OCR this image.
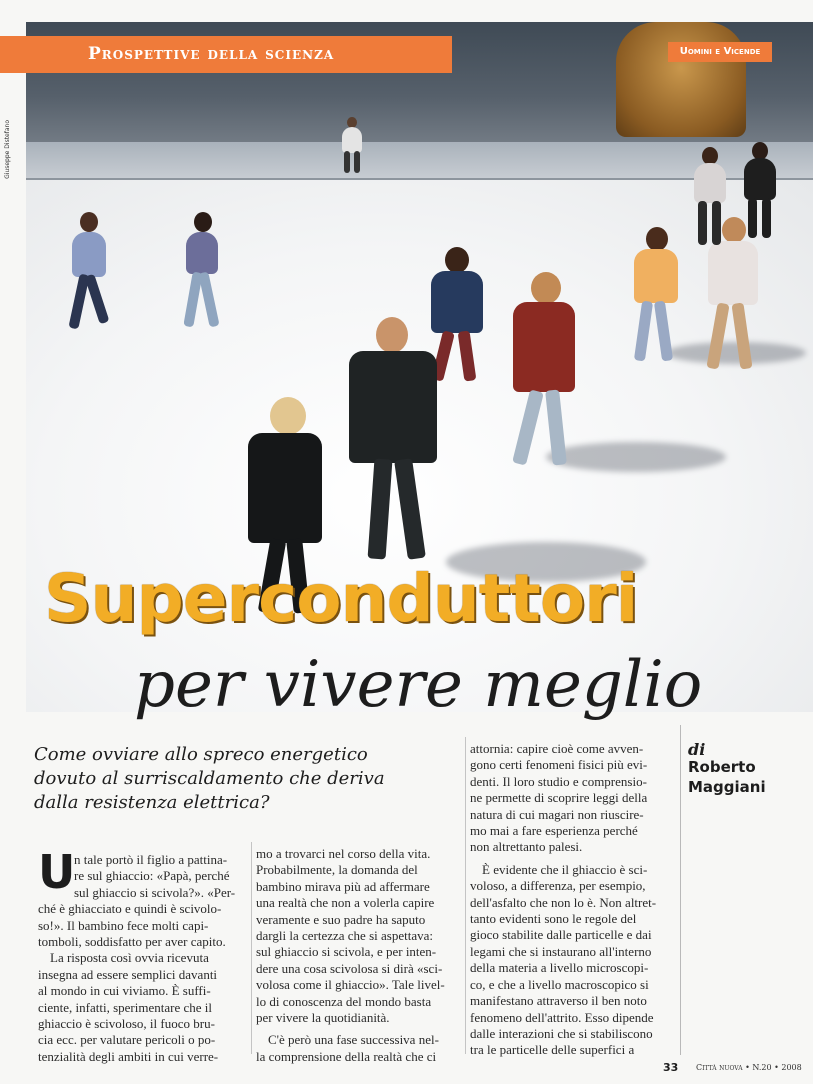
Prospettive della scienza	Uomini e Vicende
Giuseppe Distefano
Superconduttori
per vivere meglio
Come ovviare allo spreco energetico
dovuto al surriscaldamento che deriva
dalla resistenza elettrica?
di
Roberto
Maggiani
U
n tale portò il figlio a pattina-
re sul ghiaccio: «Papà, perché
sul ghiaccio si scivola?». «Per-
ché è ghiacciato e quindi è scivolo-
so!». Il bambino fece molti capi-
tomboli, soddisfatto per aver capito.
La risposta così ovvia ricevuta
insegna ad essere semplici davanti
al mondo in cui viviamo. È suffi-
ciente, infatti, sperimentare che il
ghiaccio è scivoloso, il fuoco bru-
cia ecc. per valutare pericoli o po-
tenzialità degli ambiti in cui verre-
mo a trovarci nel corso della vita.
Probabilmente, la domanda del
bambino mirava più ad affermare
una realtà che non a volerla capire
veramente e suo padre ha saputo
dargli la certezza che si aspettava:
sul ghiaccio si scivola, e per inten-
dere una cosa scivolosa si dirà «sci-
volosa come il ghiaccio». Tale livel-
lo di conoscenza del mondo basta
per vivere la quotidianità.
C'è però una fase successiva nel-
la comprensione della realtà che ci
attornia: capire cioè come avven-
gono certi fenomeni fisici più evi-
denti. Il loro studio e comprensio-
ne permette di scoprire leggi della
natura di cui magari non riuscire-
mo mai a fare esperienza perché
non altrettanto palesi.
È evidente che il ghiaccio è sci-
voloso, a differenza, per esempio,
dell'asfalto che non lo è. Non altret-
tanto evidenti sono le regole del
gioco stabilite dalle particelle e dai
legami che si instaurano all'interno
della materia a livello microscopi-
co, e che a livello macroscopico si
manifestano attraverso il ben noto
fenomeno dell'attrito. Esso dipende
dalle interazioni che si stabiliscono
tra le particelle delle superfici a
33 Città nuova • N.20 • 2008
